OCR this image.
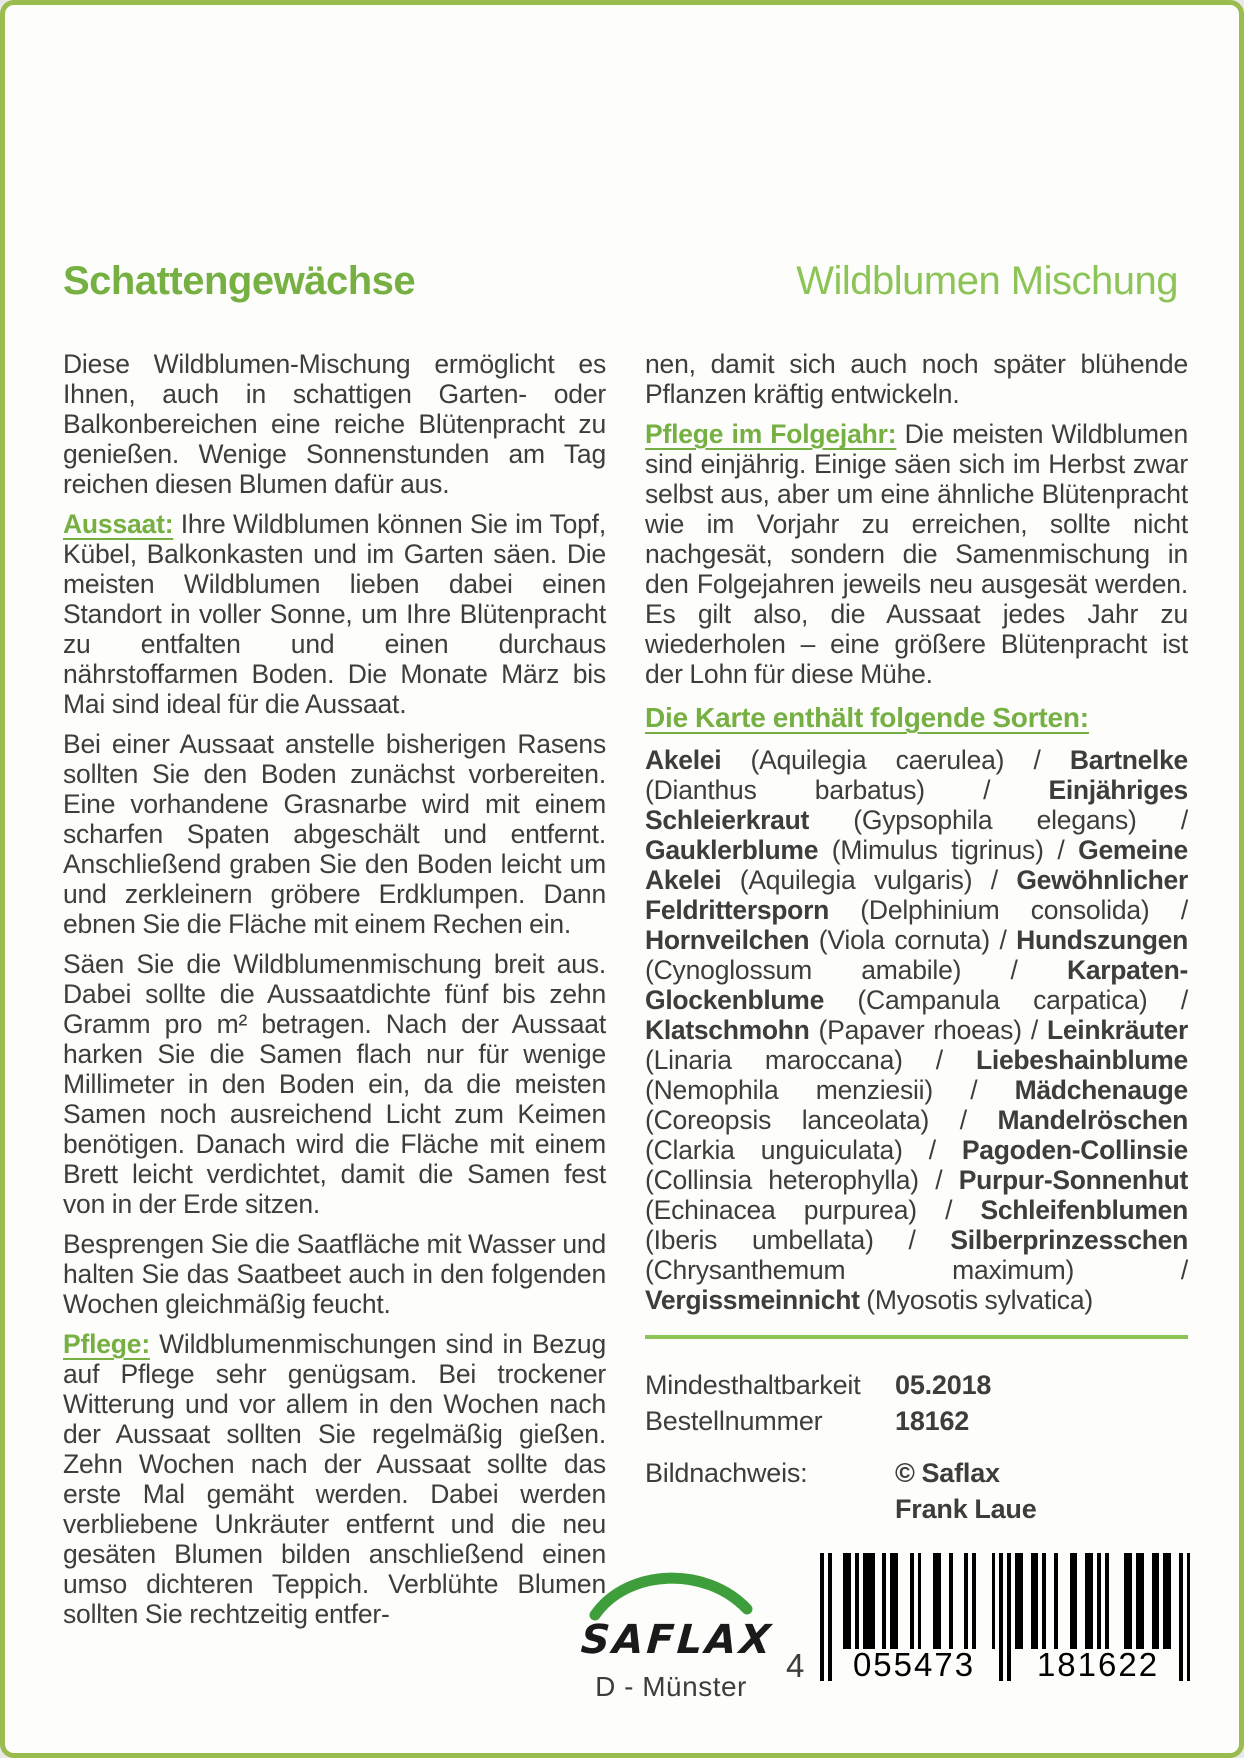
Schattengewächse	Wildblumen Mischung

Diese Wildblumen-Mischung ermöglicht es Ihnen, auch in schattigen Garten- oder Balkonbereichen eine reiche Blütenpracht zu genießen. Wenige Sonnenstunden am Tag reichen diesen Blumen dafür aus.

Aussaat: Ihre Wildblumen können Sie im Topf, Kübel, Balkonkasten und im Garten säen. Die meisten Wildblumen lieben dabei einen Standort in voller Sonne, um Ihre Blütenpracht zu entfalten und einen durchaus nährstoffarmen Boden. Die Monate März bis Mai sind ideal für die Aussaat.

Bei einer Aussaat anstelle bisherigen Rasens sollten Sie den Boden zunächst vorbereiten. Eine vorhandene Grasnarbe wird mit einem scharfen Spaten abgeschält und entfernt. Anschließend graben Sie den Boden leicht um und zerkleinern gröbere Erdklumpen. Dann ebnen Sie die Fläche mit einem Rechen ein.

Säen Sie die Wildblumenmischung breit aus. Dabei sollte die Aussaatdichte fünf bis zehn Gramm pro m² betragen. Nach der Aussaat harken Sie die Samen flach nur für wenige Millimeter in den Boden ein, da die meisten Samen noch ausreichend Licht zum Keimen benötigen. Danach wird die Fläche mit einem Brett leicht verdichtet, damit die Samen fest von in der Erde sitzen.

Besprengen Sie die Saatfläche mit Wasser und halten Sie das Saatbeet auch in den folgenden Wochen gleichmäßig feucht.

Pflege: Wildblumenmischungen sind in Bezug auf Pflege sehr genügsam. Bei trockener Witterung und vor allem in den Wochen nach der Aussaat sollten Sie regelmäßig gießen. Zehn Wochen nach der Aussaat sollte das erste Mal gemäht werden. Dabei werden verbliebene Unkräuter entfernt und die neu gesäten Blumen bilden anschließend einen umso dichteren Teppich. Verblühte Blumen sollten Sie rechtzeitig entfer-

nen, damit sich auch noch später blühende Pflanzen kräftig entwickeln.

Pflege im Folgejahr: Die meisten Wildblumen sind einjährig. Einige säen sich im Herbst zwar selbst aus, aber um eine ähnliche Blütenpracht wie im Vorjahr zu erreichen, sollte nicht nachgesät, sondern die Samenmischung in den Folgejahren jeweils neu ausgesät werden. Es gilt also, die Aussaat jedes Jahr zu wiederholen – eine größere Blütenpracht ist der Lohn für diese Mühe.

Die Karte enthält folgende Sorten:

Akelei (Aquilegia caerulea) / Bartnelke (Dianthus barbatus) / Einjähriges Schleierkraut (Gypsophila elegans) / Gauklerblume (Mimulus tigrinus) / Gemeine Akelei (Aquilegia vulgaris) / Gewöhnlicher Feldrittersporn (Delphinium consolida) / Hornveilchen (Viola cornuta) / Hundszungen (Cynoglossum amabile) / Karpaten-Glockenblume (Campanula carpatica) / Klatschmohn (Papaver rhoeas) / Leinkräuter (Linaria maroccana) / Liebeshainblume (Nemophila menziesii) / Mädchenauge (Coreopsis lanceolata) / Mandelröschen (Clarkia unguiculata) / Pagoden-Collinsie (Collinsia heterophylla) / Purpur-Sonnenhut (Echinacea purpurea) / Schleifenblumen (Iberis umbellata) / Silberprinzesschen (Chrysanthemum maximum) / Vergissmeinnicht (Myosotis sylvatica)

Mindesthaltbarkeit	05.2018
Bestellnummer	18162
Bildnachweis:	© Saflax
Frank Laue
SAFLAX
D - Münster
4	055473	181622
